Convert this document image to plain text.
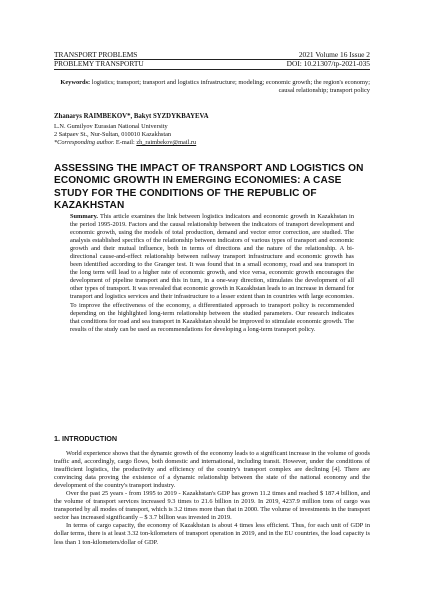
TRANSPORT PROBLEMS	2021 Volume 16 Issue 2
PROBLEMY TRANSPORTU	DOI: 10.21307/tp-2021-035
Keywords: logistics; transport; transport and logistics infrastructure; modeling; economic growth; the region's economy; causal relationship; transport policy
Zhanarys RAIMBEKOV*, Bakyt SYZDYKBAYEVA
L.N. Gumilyov Eurasian National University
2 Satpaev St., Nur-Sultan, 010010 Kazakhstan
*Corresponding author. E-mail: zh_raimbekov@mail.ru
ASSESSING THE IMPACT OF TRANSPORT AND LOGISTICS ON ECONOMIC GROWTH IN EMERGING ECONOMIES: A CASE STUDY FOR THE CONDITIONS OF THE REPUBLIC OF KAZAKHSTAN
Summary. This article examines the link between logistics indicators and economic growth in Kazakhstan in the period 1995-2019. Factors and the causal relationship between the indicators of transport development and economic growth, using the models of total production, demand and vector error correction, are studied. The analysis established specifics of the relationship between indicators of various types of transport and economic growth and their mutual influence, both in terms of directions and the nature of the relationship. A bi-directional cause-and-effect relationship between railway transport infrastructure and economic growth has been identified according to the Granger test. It was found that in a small economy, road and sea transport in the long term will lead to a higher rate of economic growth, and vice versa, economic growth encourages the development of pipeline transport and this in turn, in a one-way direction, stimulates the development of all other types of transport. It was revealed that economic growth in Kazakhstan leads to an increase in demand for transport and logistics services and their infrastructure to a lesser extent than in countries with large economies. To improve the effectiveness of the economy, a differentiated approach to transport policy is recommended depending on the highlighted long-term relationship between the studied parameters. Our research indicates that conditions for road and sea transport in Kazakhstan should be improved to stimulate economic growth. The results of the study can be used as recommendations for developing a long-term transport policy.
1. INTRODUCTION

World experience shows that the dynamic growth of the economy leads to a significant increase in the volume of goods traffic and, accordingly, cargo flows, both domestic and international, including transit. However, under the conditions of insufficient logistics, the productivity and efficiency of the country's transport complex are declining [4]. There are convincing data proving the existence of a dynamic relationship between the state of the national economy and the development of the country's transport industry.

Over the past 25 years - from 1995 to 2019 - Kazakhstan's GDP has grown 11.2 times and reached $ 187.4 billion, and the volume of transport services increased 9.3 times to 21.6 billion in 2019. In 2019, 4237.9 million tons of cargo was transported by all modes of transport, which is 3.2 times more than that in 2000. The volume of investments in the transport sector has increased significantly – $ 3.7 billion was invested in 2019.

In terms of cargo capacity, the economy of Kazakhstan is about 4 times less efficient. Thus, for each unit of GDP in dollar terms, there is at least 3.32 ton-kilometers of transport operation in 2019, and in the EU countries, the load capacity is less than 1 ton-kilometers/dollar of GDP.
